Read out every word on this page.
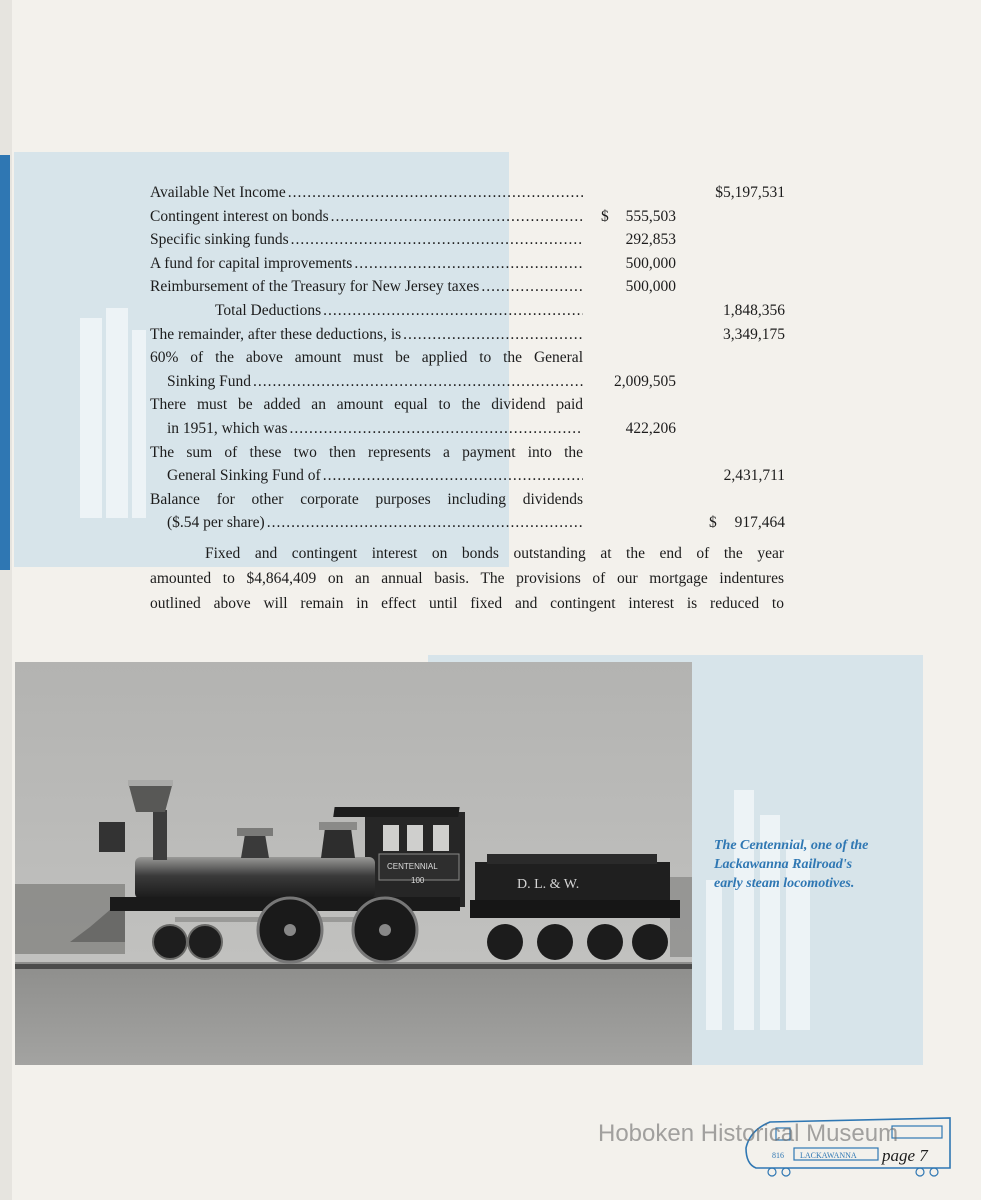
Available Net Income .....	$5,197,531
Contingent interest on bonds .....	$	555,503
Specific sinking funds .....	292,853
A fund for capital improvements .....	500,000
Reimbursement of the Treasury for New Jersey taxes .....	500,000
Total Deductions .....	1,848,356
The remainder, after these deductions, is .....	3,349,175
60% of the above amount must be applied to the General
Sinking Fund .....	2,009,505
There must be added an amount equal to the dividend paid
in 1951, which was .....	422,206
The sum of these two then represents a payment into the
General Sinking Fund of .....	2,431,711
Balance for other corporate purposes including dividends
($.54 per share) .....	$	917,464

Fixed and contingent interest on bonds outstanding at the end of the year

amounted to $4,864,409 on an annual basis. The provisions of our mortgage indentures

outlined above will remain in effect until fixed and contingent interest is reduced to

D. L. & W.
CENTENNIAL
100
The Centennial, one of the
Lackawanna Railroad's
early steam locomotives.
816 LACKAWANNA page 7
Hoboken Historical Museum
